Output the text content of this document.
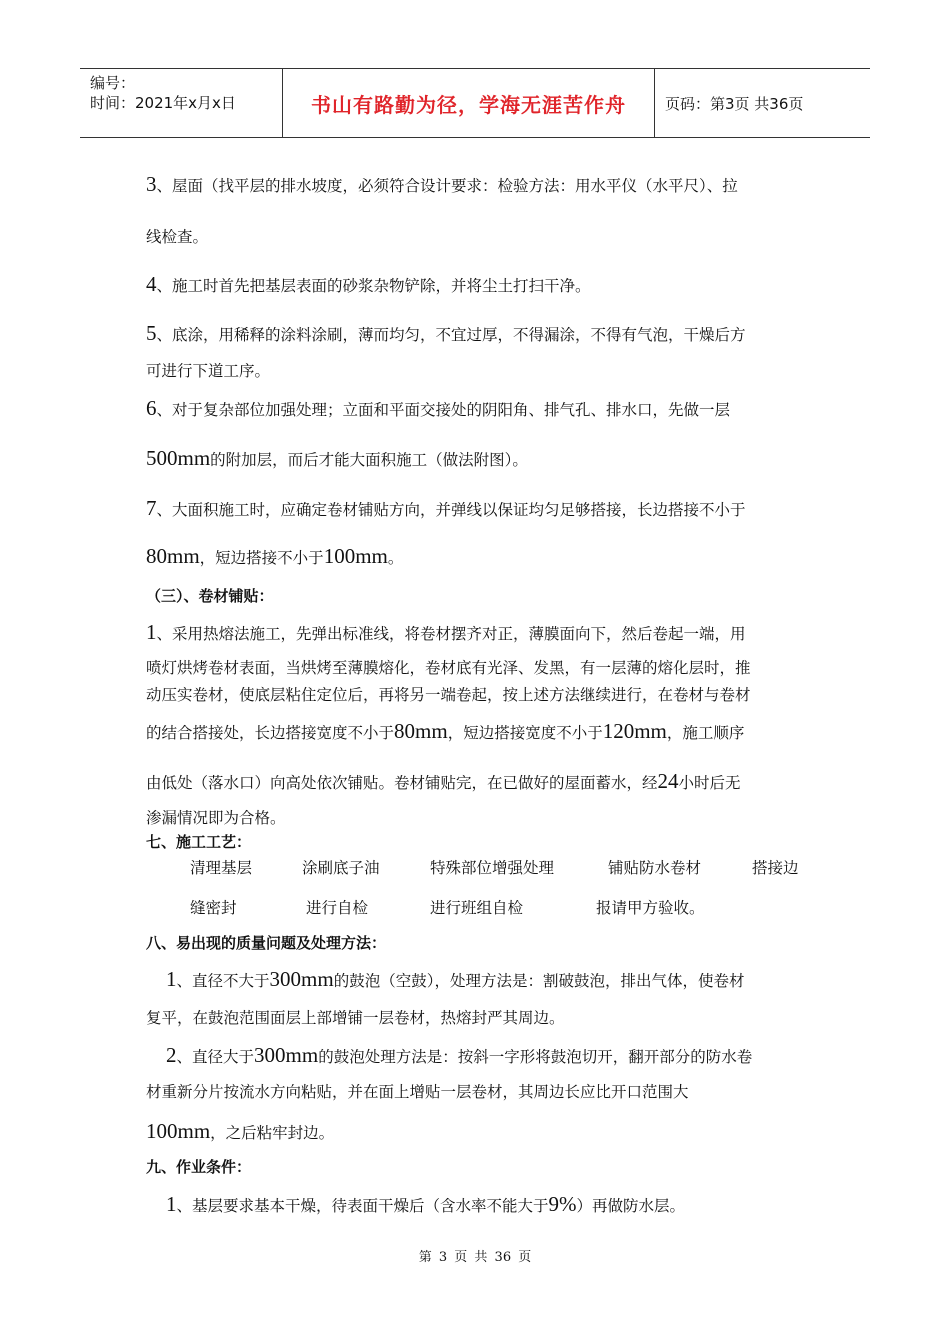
编号：
时间：2021年x月x日	书山有路勤为径，学海无涯苦作舟	页码：第3页 共36页
3、屋面（找平层的排水坡度，必须符合设计要求：检验方法：用水平仪（水平尺）、拉
线检查。
4、施工时首先把基层表面的砂浆杂物铲除，并将尘土打扫干净。
5、底涂，用稀释的涂料涂刷，薄而均匀，不宜过厚，不得漏涂，不得有气泡，干燥后方
可进行下道工序。
6、对于复杂部位加强处理；立面和平面交接处的阴阳角、排气孔、排水口，先做一层
500mm的附加层，而后才能大面积施工（做法附图）。
7、大面积施工时，应确定卷材铺贴方向，并弹线以保证均匀足够搭接，长边搭接不小于
80mm，短边搭接不小于100mm。
（三）、卷材铺贴：
1、采用热熔法施工，先弹出标准线，将卷材摆齐对正，薄膜面向下，然后卷起一端，用
喷灯烘烤卷材表面，当烘烤至薄膜熔化，卷材底有光泽、发黑，有一层薄的熔化层时，推
动压实卷材，使底层粘住定位后，再将另一端卷起，按上述方法继续进行，在卷材与卷材
的结合搭接处，长边搭接宽度不小于80mm，短边搭接宽度不小于120mm，施工顺序
由低处（落水口）向高处依次铺贴。卷材铺贴完，在已做好的屋面蓄水，经24小时后无
渗漏情况即为合格。
七、施工工艺：
清理基层	涂刷底子油	特殊部位增强处理	铺贴防水卷材	搭接边
缝密封	进行自检	进行班组自检	报请甲方验收。
八、易出现的质量问题及处理方法：
1、直径不大于300mm的鼓泡（空鼓），处理方法是：割破鼓泡，排出气体，使卷材
复平，在鼓泡范围面层上部增铺一层卷材，热熔封严其周边。
2、直径大于300mm的鼓泡处理方法是：按斜一字形将鼓泡切开，翻开部分的防水卷
材重新分片按流水方向粘贴，并在面上增贴一层卷材，其周边长应比开口范围大
100mm，之后粘牢封边。
九、作业条件：
1、基层要求基本干燥，待表面干燥后（含水率不能大于9%）再做防水层。
第 3 页 共 36 页
